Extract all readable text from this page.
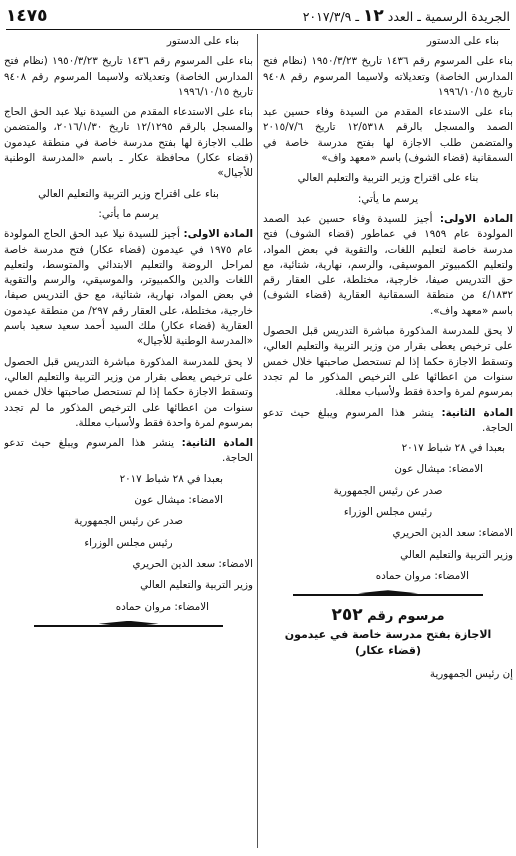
١٤٧٥	الجريدة الرسمية ـ العدد ١٢ ـ ٢٠١٧/٣/٩

بناء على الدستور

بناء على المرسوم رقم ١٤٣٦ تاريخ ١٩٥٠/٣/٢٣ (نظام فتح المدارس الخاصة) وتعديلاته ولاسيما المرسوم رقم ٩٤٠٨ تاريخ ١٩٩٦/١٠/١٥

بناء على الاستدعاء المقدم من السيدة وفاء حسين عبد الصمد والمسجل بالرقم ١٢/٥٣١٨ تاريخ ٢٠١٥/٧/٦ والمتضمن طلب الاجازة لها بفتح مدرسة خاصة في السمقانية (قضاء الشوف) باسم «معهد واف»

بناء على اقتراح وزير التربية والتعليم العالي

يرسم ما يأتي:

المادة الاولى: أجيز للسيدة وفاء حسين عبد الصمد المولودة عام ١٩٥٩ في عماطور (قضاء الشوف) فتح مدرسة خاصة لتعليم اللغات، والتقوية في بعض المواد، ولتعليم الكمبيوتر الموسيقى، والرسم، نهارية، شتائية، مع حق التدريس صيفا، خارجية، مختلطة، على العقار رقم ٤/١٨٣٢ من منطقة السمقانية العقارية (قضاء الشوف) باسم «معهد واف».

لا يحق للمدرسة المذكورة مباشرة التدريس قبل الحصول على ترخيص يعطى بقرار من وزير التربية والتعليم العالي، وتسقط الاجازة حكما إذا لم تستحصل صاحبتها خلال خمس سنوات من اعطائها على الترخيص المذكور ما لم تجدد بمرسوم لمرة واحدة فقط ولأسباب معللة.

المادة الثانية: ينشر هذا المرسوم ويبلغ حيث تدعو الحاجة.

بعبدا في ٢٨ شباط ٢٠١٧

الامضاء: ميشال عون

صدر عن رئيس الجمهورية

رئيس مجلس الوزراء

الامضاء: سعد الدين الحريري

وزير التربية والتعليم العالي

الامضاء: مروان حماده

مرسوم رقم ٢٥٢

الاجازة بفتح مدرسة خاصة في عيدمون

(قضاء عكار)

إن رئيس الجمهورية

بناء على الدستور

بناء على المرسوم رقم ١٤٣٦ تاريخ ١٩٥٠/٣/٢٣ (نظام فتح المدارس الخاصة) وتعديلاته ولاسيما المرسوم رقم ٩٤٠٨ تاريخ ١٩٩٦/١٠/١٥

بناء على الاستدعاء المقدم من السيدة نيلا عبد الحق الحاج والمسجل بالرقم ١٢/١٢٩٥ تاريخ ٢٠١٦/١/٣٠، والمتضمن طلب الاجازة لها بفتح مدرسة خاصة في منطقة عيدمون (قضاء عكار) محافظة عكار ـ باسم «المدرسة الوطنية للأجيال»

بناء على اقتراح وزير التربية والتعليم العالي

يرسم ما يأتي:

المادة الاولى: أجيز للسيدة نيلا عبد الحق الحاج المولودة عام ١٩٧٥ في عيدمون (قضاء عكار) فتح مدرسة خاصة لمراحل الروضة والتعليم الابتدائي والمتوسط، ولتعليم اللغات والدين والكمبيوتر، والموسيقي، والرسم والتقوية في بعض المواد، نهارية، شتائية، مع حق التدريس صيفا، خارجية، مختلطة، على العقار رقم ٢٩٧/ من منطقة عيدمون العقارية (قضاء عكار) ملك السيد أحمد سعيد سعيد باسم «المدرسة الوطنية للأجيال»

لا يحق للمدرسة المذكورة مباشرة التدريس قبل الحصول على ترخيص يعطى بقرار من وزير التربية والتعليم العالي، وتسقط الاجازة حكما إذا لم تستحصل صاحبتها خلال خمس سنوات من اعطائها على الترخيص المذكور ما لم تجدد بمرسوم لمرة واحدة فقط ولأسباب معللة.

المادة الثانية: ينشر هذا المرسوم ويبلغ حيث تدعو الحاجة.

بعبدا في ٢٨ شباط ٢٠١٧

الامضاء: ميشال عون

صدر عن رئيس الجمهورية

رئيس مجلس الوزراء

الامضاء: سعد الدين الحريري

وزير التربية والتعليم العالي

الامضاء: مروان حماده
